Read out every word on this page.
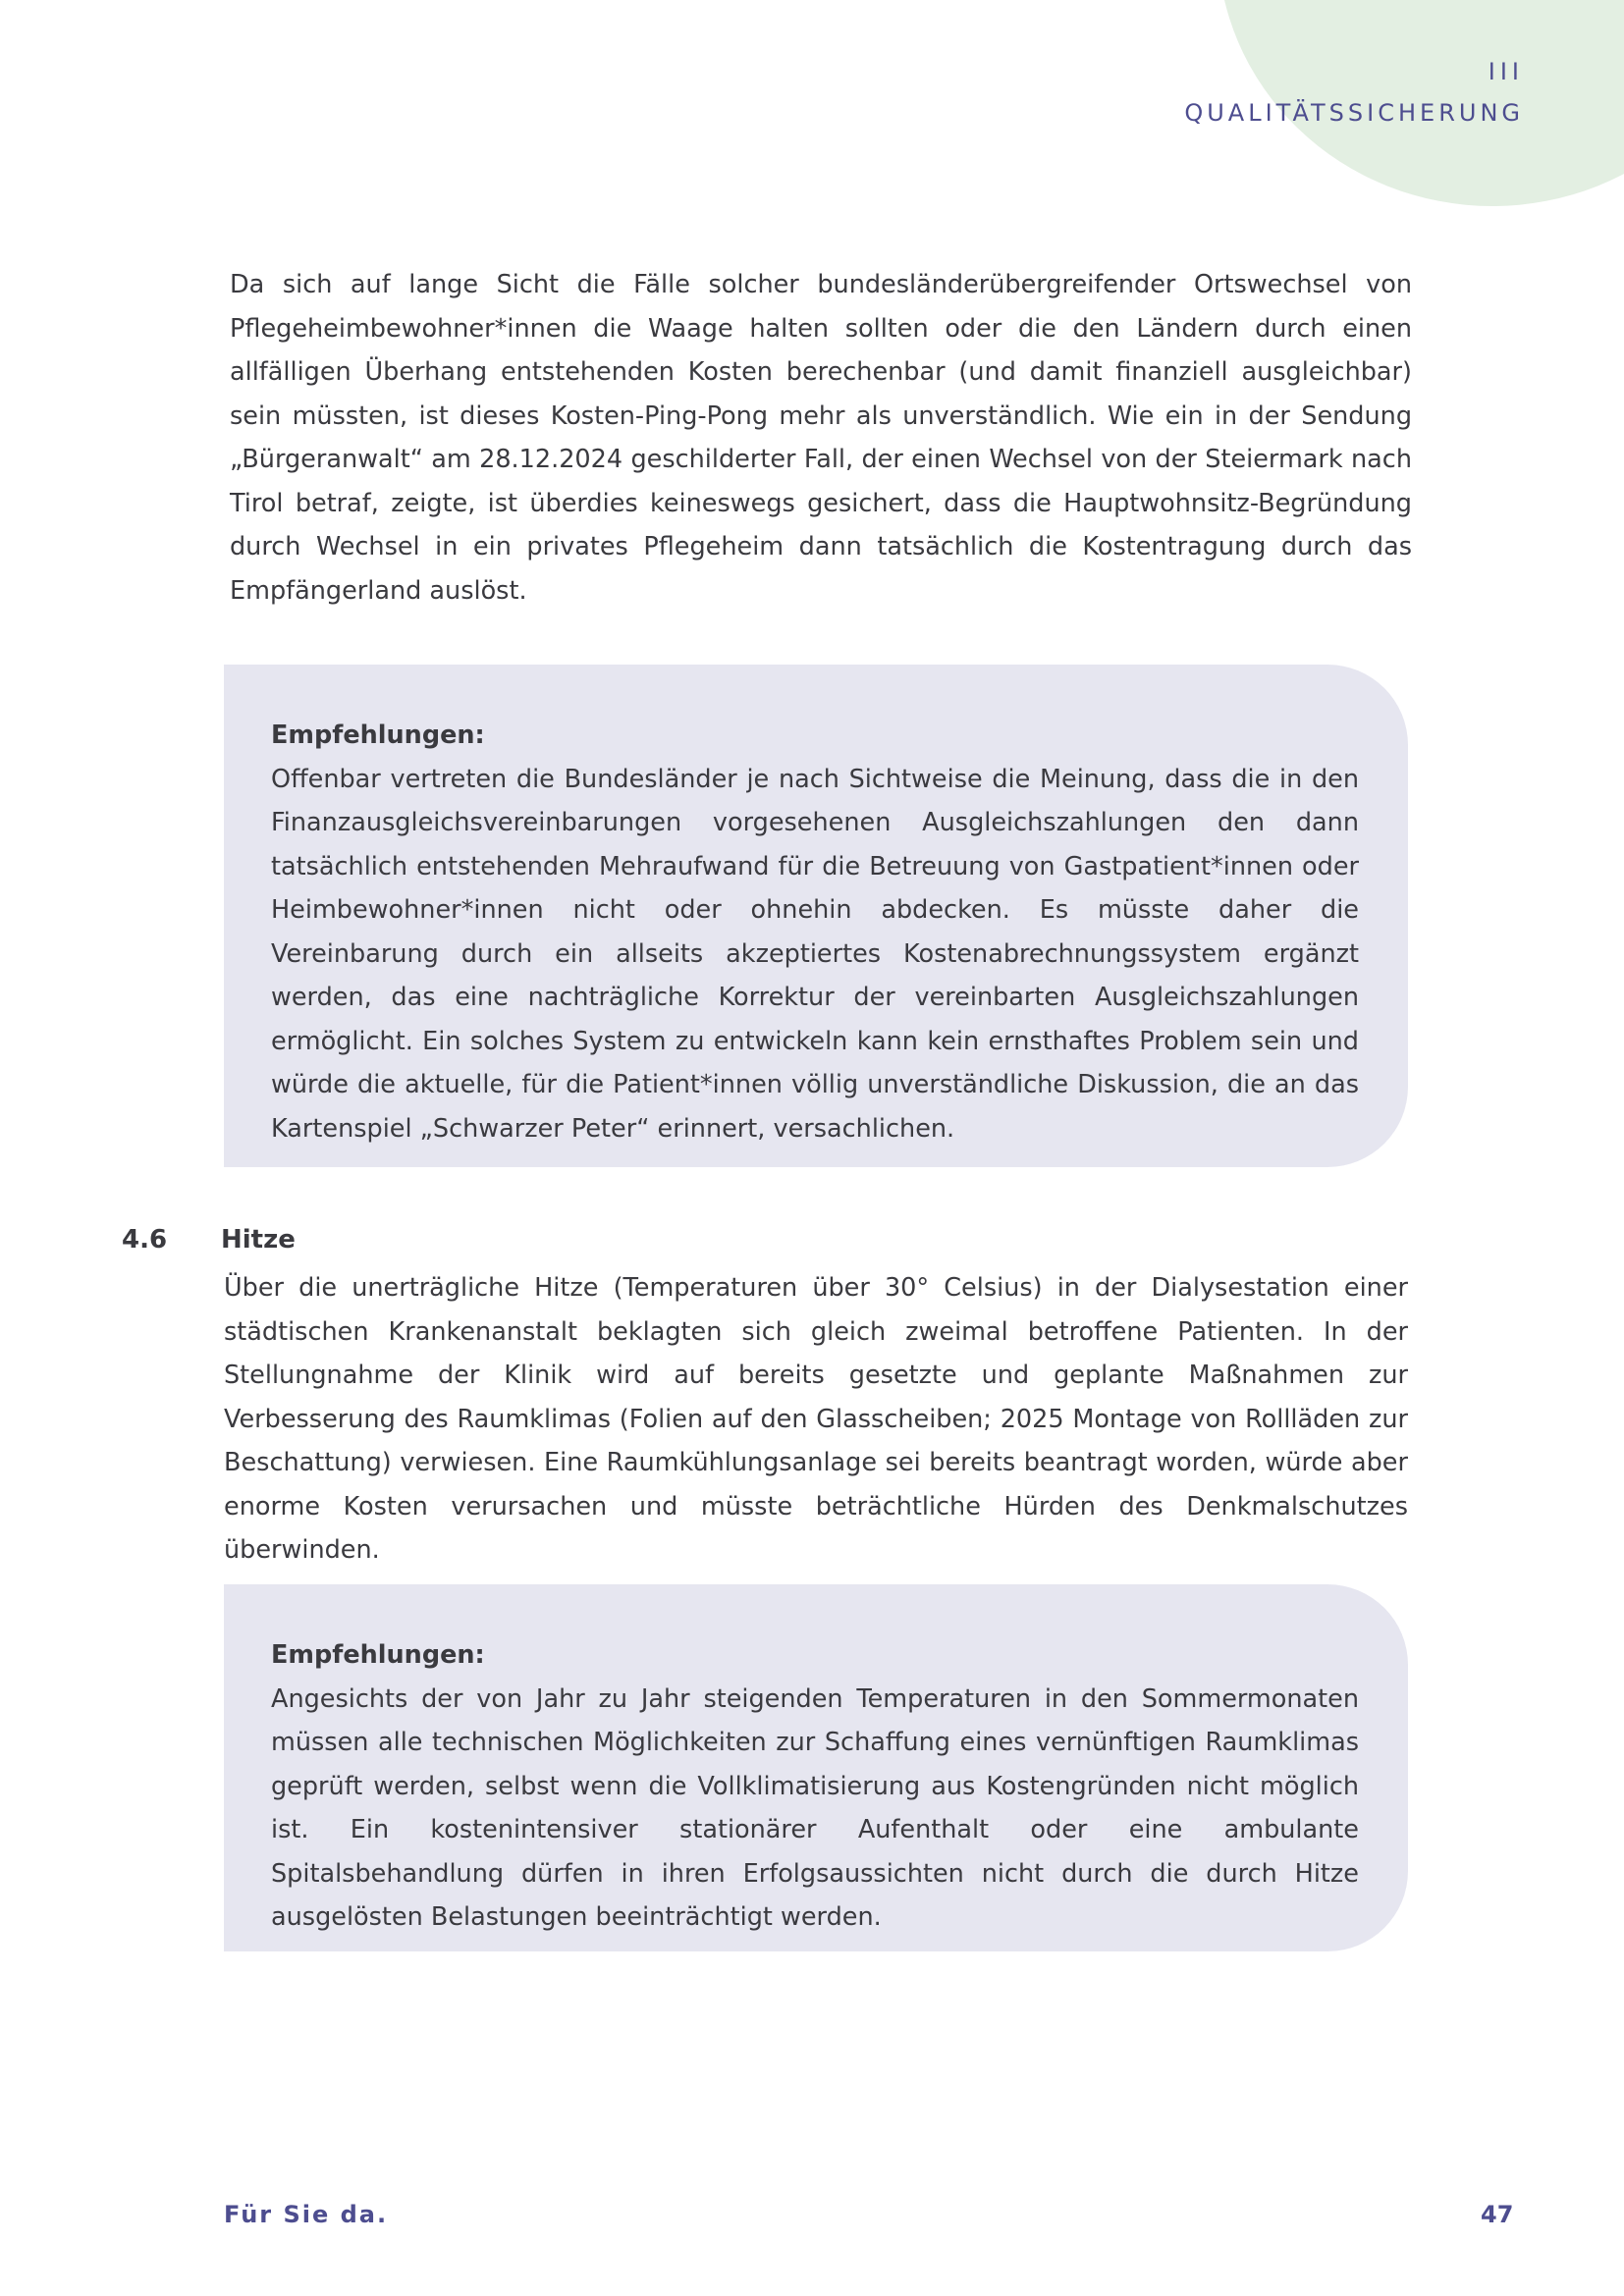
III
QUALITÄTSSICHERUNG

Da sich auf lange Sicht die Fälle solcher bundesländerübergreifender Ortswechsel von Pflegeheimbewohner*innen die Waage halten sollten oder die den Ländern durch einen allfälligen Überhang entstehenden Kosten berechenbar (und damit finanziell ausgleichbar) sein müssten, ist dieses Kosten-Ping-Pong mehr als unverständlich. Wie ein in der Sendung „Bürgeranwalt“ am 28.12.2024 geschilderter Fall, der einen Wechsel von der Steiermark nach Tirol betraf, zeigte, ist überdies keineswegs gesichert, dass die Hauptwohnsitz-Begründung durch Wechsel in ein privates Pflegeheim dann tatsächlich die Kostentragung durch das Empfängerland auslöst.

Empfehlungen:

Offenbar vertreten die Bundesländer je nach Sichtweise die Meinung, dass die in den Finanzausgleichsvereinbarungen vorgesehenen Ausgleichszahlungen den dann tatsächlich entstehenden Mehraufwand für die Betreuung von Gastpatient*innen oder Heimbewohner*innen nicht oder ohnehin abdecken. Es müsste daher die Vereinbarung durch ein allseits akzeptiertes Kostenabrechnungssystem ergänzt werden, das eine nachträgliche Korrektur der vereinbarten Ausgleichszahlungen ermöglicht. Ein solches System zu entwickeln kann kein ernsthaftes Problem sein und würde die aktuelle, für die Patient*innen völlig unverständliche Diskussion, die an das Kartenspiel „Schwarzer Peter“ erinnert, versachlichen.

4.6 Hitze

Über die unerträgliche Hitze (Temperaturen über 30° Celsius) in der Dialysestation einer städtischen Krankenanstalt beklagten sich gleich zweimal betroffene Patienten. In der Stellungnahme der Klinik wird auf bereits gesetzte und geplante Maßnahmen zur Verbesserung des Raumklimas (Folien auf den Glasscheiben; 2025 Montage von Rollläden zur Beschattung) verwiesen. Eine Raumkühlungsanlage sei bereits beantragt worden, würde aber enorme Kosten verursachen und müsste beträchtliche Hürden des Denkmalschutzes überwinden.

Empfehlungen:

Angesichts der von Jahr zu Jahr steigenden Temperaturen in den Sommermonaten müssen alle technischen Möglichkeiten zur Schaffung eines vernünftigen Raumklimas geprüft werden, selbst wenn die Vollklimatisierung aus Kostengründen nicht möglich ist. Ein kostenintensiver stationärer Aufenthalt oder eine ambulante Spitalsbehandlung dürfen in ihren Erfolgsaussichten nicht durch die durch Hitze ausgelösten Belastungen beeinträchtigt werden.

Für Sie da.	47
